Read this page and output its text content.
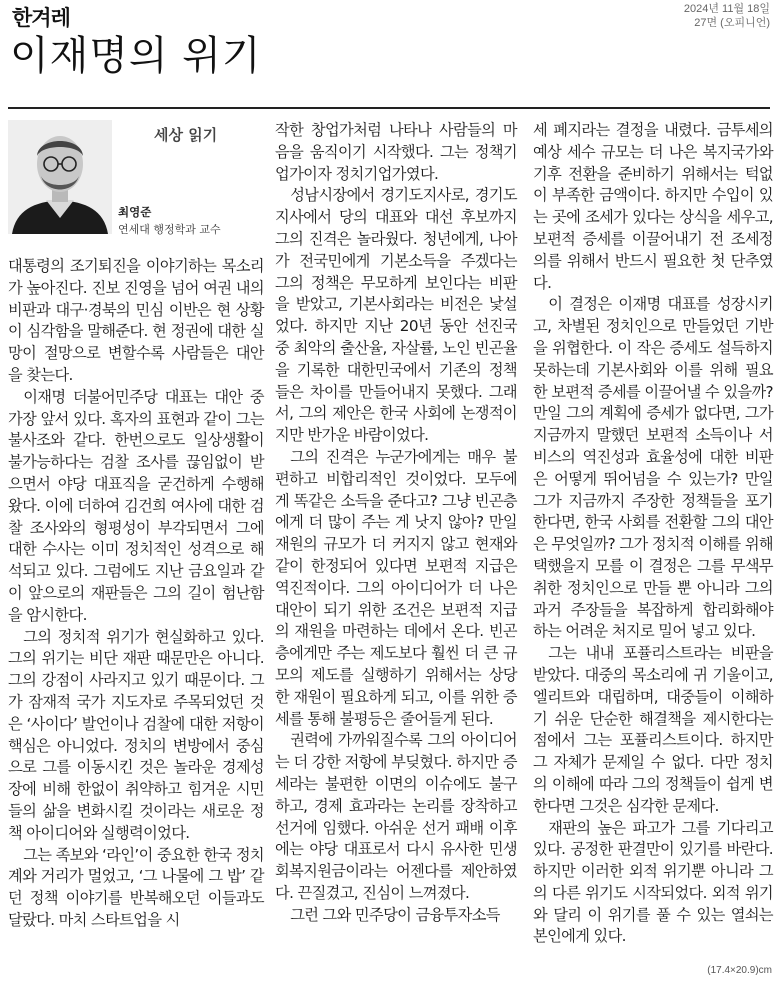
한겨레	2024년 11월 18일
27면 (오피니언)
이재명의 위기
세상 읽기
최영준
연세대 행정학과 교수

대통령의 조기퇴진을 이야기하는 목소리가 높아진다. 진보 진영을 넘어 여권 내의 비판과 대구·경북의 민심 이반은 현 상황이 심각함을 말해준다. 현 정권에 대한 실망이 절망으로 변할수록 사람들은 대안을 찾는다.

이재명 더불어민주당 대표는 대안 중 가장 앞서 있다. 혹자의 표현과 같이 그는 불사조와 같다. 한번으로도 일상생활이 불가능하다는 검찰 조사를 끊임없이 받으면서 야당 대표직을 굳건하게 수행해왔다. 이에 더하여 김건희 여사에 대한 검찰 조사와의 형평성이 부각되면서 그에 대한 수사는 이미 정치적인 성격으로 해석되고 있다. 그럼에도 지난 금요일과 같이 앞으로의 재판들은 그의 길이 험난함을 암시한다.

그의 정치적 위기가 현실화하고 있다. 그의 위기는 비단 재판 때문만은 아니다. 그의 강점이 사라지고 있기 때문이다. 그가 잠재적 국가 지도자로 주목되었던 것은 ‘사이다’ 발언이나 검찰에 대한 저항이 핵심은 아니었다. 정치의 변방에서 중심으로 그를 이동시킨 것은 놀라운 경제성장에 비해 한없이 취약하고 힘겨운 시민들의 삶을 변화시킬 것이라는 새로운 정책 아이디어와 실행력이었다.

그는 족보와 ‘라인’이 중요한 한국 정치계와 거리가 멀었고, ‘그 나물에 그 밥’ 같던 정책 이야기를 반복해오던 이들과도 달랐다. 마치 스타트업을 시

작한 창업가처럼 나타나 사람들의 마음을 움직이기 시작했다. 그는 정책기업가이자 정치기업가였다.

성남시장에서 경기도지사로, 경기도지사에서 당의 대표와 대선 후보까지 그의 진격은 놀라웠다. 청년에게, 나아가 전국민에게 기본소득을 주겠다는 그의 정책은 무모하게 보인다는 비판을 받았고, 기본사회라는 비전은 낯설었다. 하지만 지난 20년 동안 선진국 중 최악의 출산율, 자살률, 노인 빈곤율을 기록한 대한민국에서 기존의 정책들은 차이를 만들어내지 못했다. 그래서, 그의 제안은 한국 사회에 논쟁적이지만 반가운 바람이었다.

그의 진격은 누군가에게는 매우 불편하고 비합리적인 것이었다. 모두에게 똑같은 소득을 준다고? 그냥 빈곤층에게 더 많이 주는 게 낫지 않아? 만일 재원의 규모가 더 커지지 않고 현재와 같이 한정되어 있다면 보편적 지급은 역진적이다. 그의 아이디어가 더 나은 대안이 되기 위한 조건은 보편적 지급의 재원을 마련하는 데에서 온다. 빈곤층에게만 주는 제도보다 훨씬 더 큰 규모의 제도를 실행하기 위해서는 상당한 재원이 필요하게 되고, 이를 위한 증세를 통해 불평등은 줄어들게 된다.

권력에 가까워질수록 그의 아이디어는 더 강한 저항에 부딪혔다. 하지만 증세라는 불편한 이면의 이슈에도 불구하고, 경제 효과라는 논리를 장착하고 선거에 임했다. 아쉬운 선거 패배 이후에는 야당 대표로서 다시 유사한 민생회복지원금이라는 어젠다를 제안하였다. 끈질겼고, 진심이 느껴졌다.

그런 그와 민주당이 금융투자소득

세 폐지라는 결정을 내렸다. 금투세의 예상 세수 규모는 더 나은 복지국가와 기후 전환을 준비하기 위해서는 턱없이 부족한 금액이다. 하지만 수입이 있는 곳에 조세가 있다는 상식을 세우고, 보편적 증세를 이끌어내기 전 조세정의를 위해서 반드시 필요한 첫 단추였다.

이 결정은 이재명 대표를 성장시키고, 차별된 정치인으로 만들었던 기반을 위협한다. 이 작은 증세도 설득하지 못하는데 기본사회와 이를 위해 필요한 보편적 증세를 이끌어낼 수 있을까? 만일 그의 계획에 증세가 없다면, 그가 지금까지 말했던 보편적 소득이나 서비스의 역진성과 효율성에 대한 비판은 어떻게 뛰어넘을 수 있는가? 만일 그가 지금까지 주장한 정책들을 포기한다면, 한국 사회를 전환할 그의 대안은 무엇일까? 그가 정치적 이해를 위해 택했을지 모를 이 결정은 그를 무색무취한 정치인으로 만들 뿐 아니라 그의 과거 주장들을 복잡하게 합리화해야 하는 어려운 처지로 밀어 넣고 있다.

그는 내내 포퓰리스트라는 비판을 받았다. 대중의 목소리에 귀 기울이고, 엘리트와 대립하며, 대중들이 이해하기 쉬운 단순한 해결책을 제시한다는 점에서 그는 포퓰리스트이다. 하지만 그 자체가 문제일 수 없다. 다만 정치의 이해에 따라 그의 정책들이 쉽게 변한다면 그것은 심각한 문제다.

재판의 높은 파고가 그를 기다리고 있다. 공정한 판결만이 있기를 바란다. 하지만 이러한 외적 위기뿐 아니라 그의 다른 위기도 시작되었다. 외적 위기와 달리 이 위기를 풀 수 있는 열쇠는 본인에게 있다.

(17.4×20.9)cm
